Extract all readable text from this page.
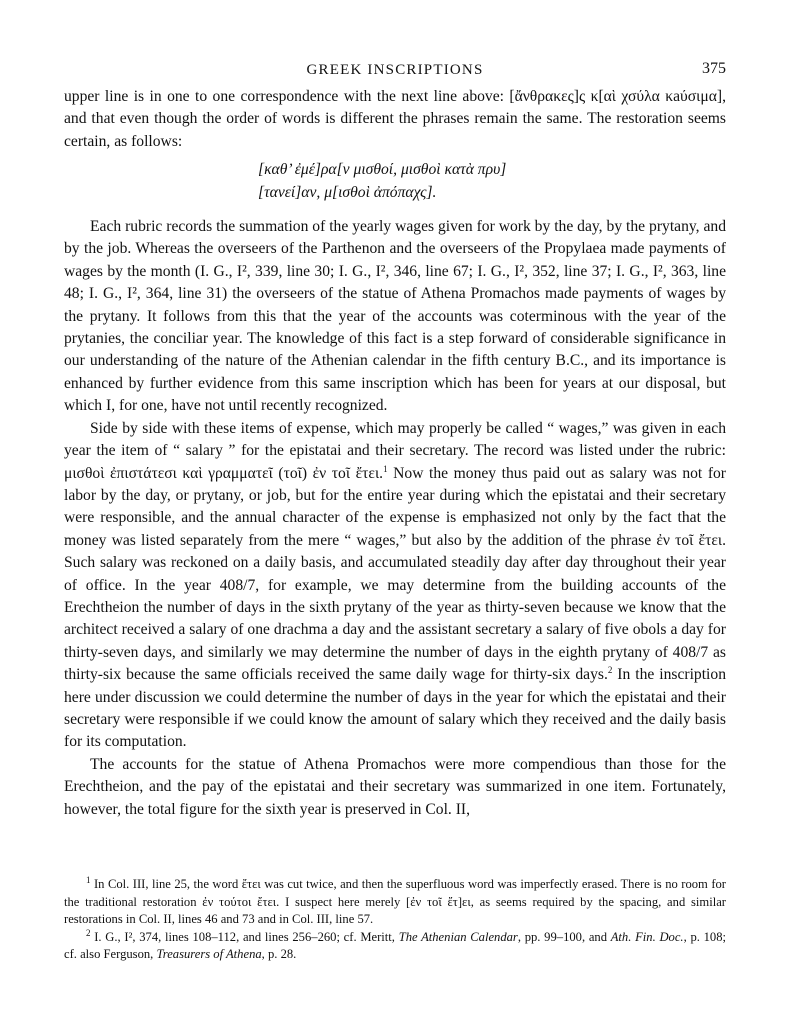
GREEK INSCRIPTIONS	375

upper line is in one to one correspondence with the next line above: [ἄνθρακες]ς κ[αὶ χσύλα κaύσιμα], and that even though the order of words is different the phrases remain the same. The restoration seems certain, as follows:

[καθ’ ἐμέ]ρα[ν μισθοί, μισθοὶ κατὰ πρυ]
[τανεί]αν, μ[ισθοὶ ἀπόπαχς].

Each rubric records the summation of the yearly wages given for work by the day, by the prytany, and by the job. Whereas the overseers of the Parthenon and the overseers of the Propylaea made payments of wages by the month (I. G., I², 339, line 30; I. G., I², 346, line 67; I. G., I², 352, line 37; I. G., I², 363, line 48; I. G., I², 364, line 31) the overseers of the statue of Athena Promachos made payments of wages by the prytany. It follows from this that the year of the accounts was coterminous with the year of the prytanies, the conciliar year. The knowledge of this fact is a step forward of considerable significance in our understanding of the nature of the Athenian calendar in the fifth century B.C., and its importance is enhanced by further evidence from this same inscription which has been for years at our disposal, but which I, for one, have not until recently recognized.

Side by side with these items of expense, which may properly be called “ wages,” was given in each year the item of “ salary ” for the epistatai and their secretary. The record was listed under the rubric: μισθοὶ ἐπιστάτεσι καὶ γραμματεῖ (τοῖ) ἐν τοῖ ἔτει.$^1$ Now the money thus paid out as salary was not for labor by the day, or prytany, or job, but for the entire year during which the epistatai and their secretary were responsible, and the annual character of the expense is emphasized not only by the fact that the money was listed separately from the mere “ wages,” but also by the addition of the phrase ἐν τοῖ ἔτει. Such salary was reckoned on a daily basis, and accumulated steadily day after day throughout their year of office. In the year 408/7, for example, we may determine from the building accounts of the Erechtheion the number of days in the sixth prytany of the year as thirty-seven because we know that the architect received a salary of one drachma a day and the assistant secretary a salary of five obols a day for thirty-seven days, and similarly we may determine the number of days in the eighth prytany of 408/7 as thirty-six because the same officials received the same daily wage for thirty-six days.$^2$ In the inscription here under discussion we could determine the number of days in the year for which the epistatai and their secretary were responsible if we could know the amount of salary which they received and the daily basis for its computation.

The accounts for the statue of Athena Promachos were more compendious than those for the Erechtheion, and the pay of the epistatai and their secretary was summarized in one item. Fortunately, however, the total figure for the sixth year is preserved in Col. II,

$^1$ In Col. III, line 25, the word ἔτει was cut twice, and then the superfluous word was imperfectly erased. There is no room for the traditional restoration ἐν τούτοι ἔτει. I suspect here merely [ἐν τοῖ ἔτ]ει, as seems required by the spacing, and similar restorations in Col. II, lines 46 and 73 and in Col. III, line 57.

$^2$ I. G., I², 374, lines 108–112, and lines 256–260; cf. Meritt, The Athenian Calendar, pp. 99–100, and Ath. Fin. Doc., p. 108; cf. also Ferguson, Treasurers of Athena, p. 28.
